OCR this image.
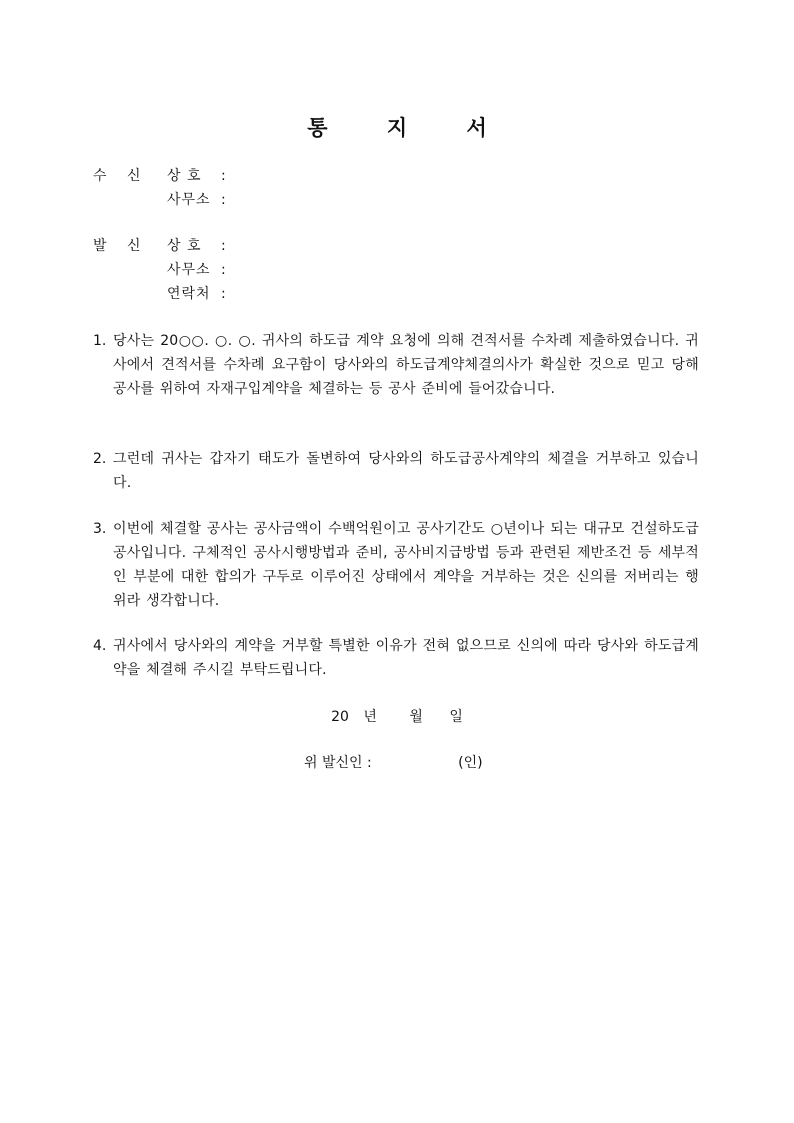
통 지 서
수 신	상 호	:
사무소 :
발 신	상 호	:
사무소 :
연락처 :
1. 당사는 20○○. ○. ○. 귀사의 하도급 계약 요청에 의해 견적서를 수차례 제출하였습니다. 귀사에서 견적서를 수차례 요구함이 당사와의 하도급계약체결의사가 확실한 것으로 믿고 당해 공사를 위하여 자재구입계약을 체결하는 등 공사 준비에 들어갔습니다.
2. 그런데 귀사는 갑자기 태도가 돌변하여 당사와의 하도급공사계약의 체결을 거부하고 있습니다.
3. 이번에 체결할 공사는 공사금액이 수백억원이고 공사기간도 ○년이나 되는 대규모 건설하도급공사입니다. 구체적인 공사시행방법과 준비, 공사비지급방법 등과 관련된 제반조건 등 세부적인 부분에 대한 합의가 구두로 이루어진 상태에서 계약을 거부하는 것은 신의를 저버리는 행위라 생각합니다.
4. 귀사에서 당사와의 계약을 거부할 특별한 이유가 전혀 없으므로 신의에 따라 당사와 하도급계약을 체결해 주시길 부탁드립니다.
20 년 월 일
위 발신인 :	(인)
